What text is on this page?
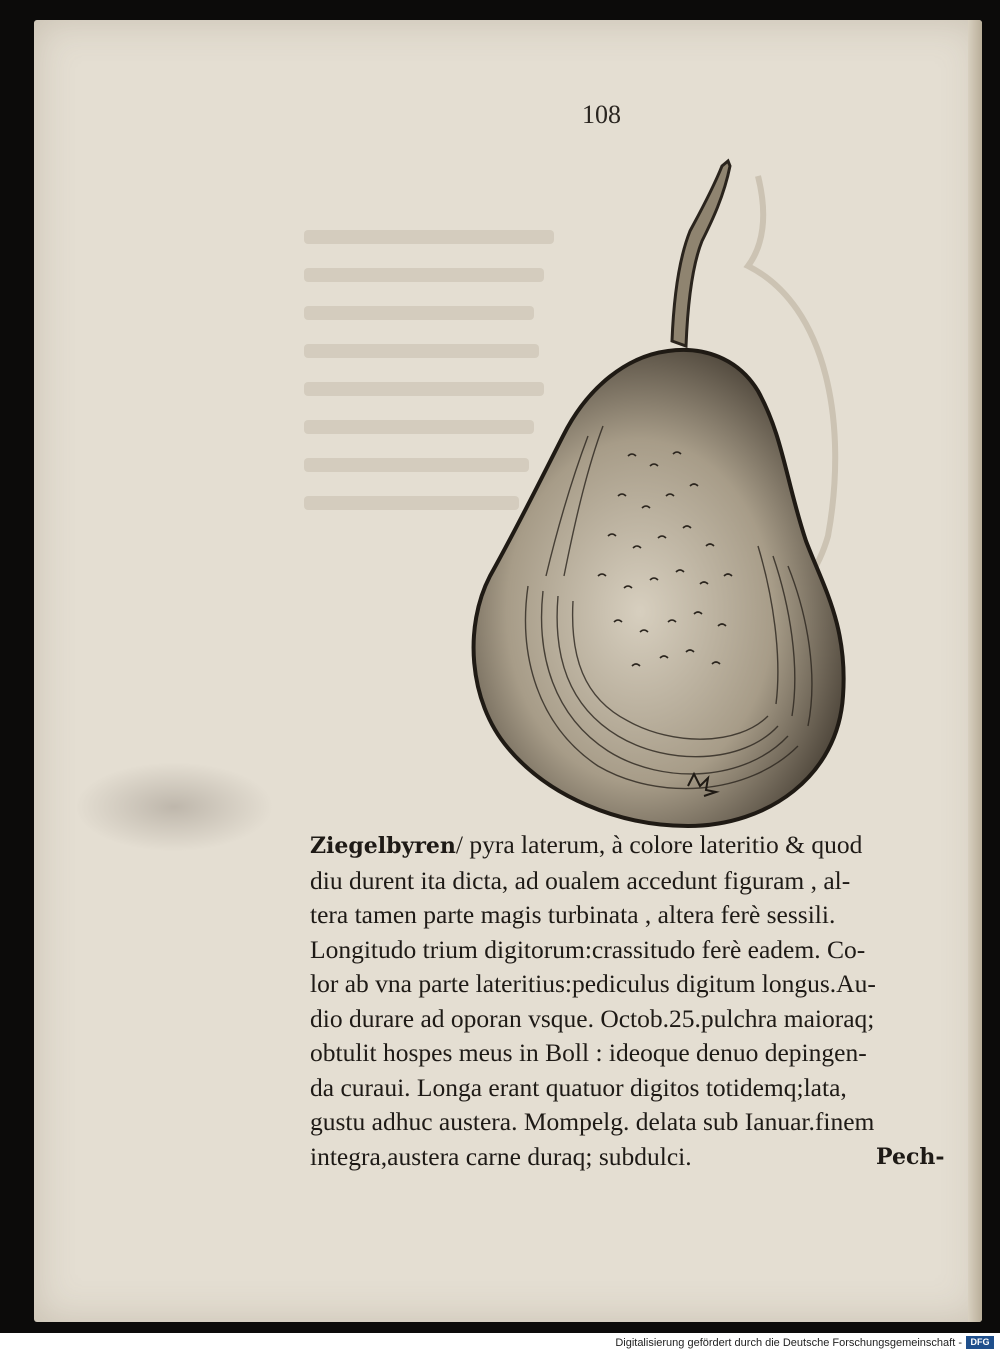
108
Ziegelbyren/ pyra laterum, à colore lateritio & quod
diu durent ita dicta, ad oualem accedunt figuram , al-
tera tamen parte magis turbinata , altera ferè sessili.
Longitudo trium digitorum:crassitudo ferè eadem. Co-
lor ab vna parte lateritius:pediculus digitum longus.Au-
dio durare ad oporan vsque. Octob.25.pulchra maioraq;
obtulit hospes meus in Boll : ideoque denuo depingen-
da curaui. Longa erant quatuor digitos totidemq;lata,
gustu adhuc austera. Mompelg. delata sub Ianuar.finem
integra,austera carne duraq; subdulci.	Pech-
Digitalisierung gefördert durch die Deutsche Forschungsgemeinschaft - DFG
